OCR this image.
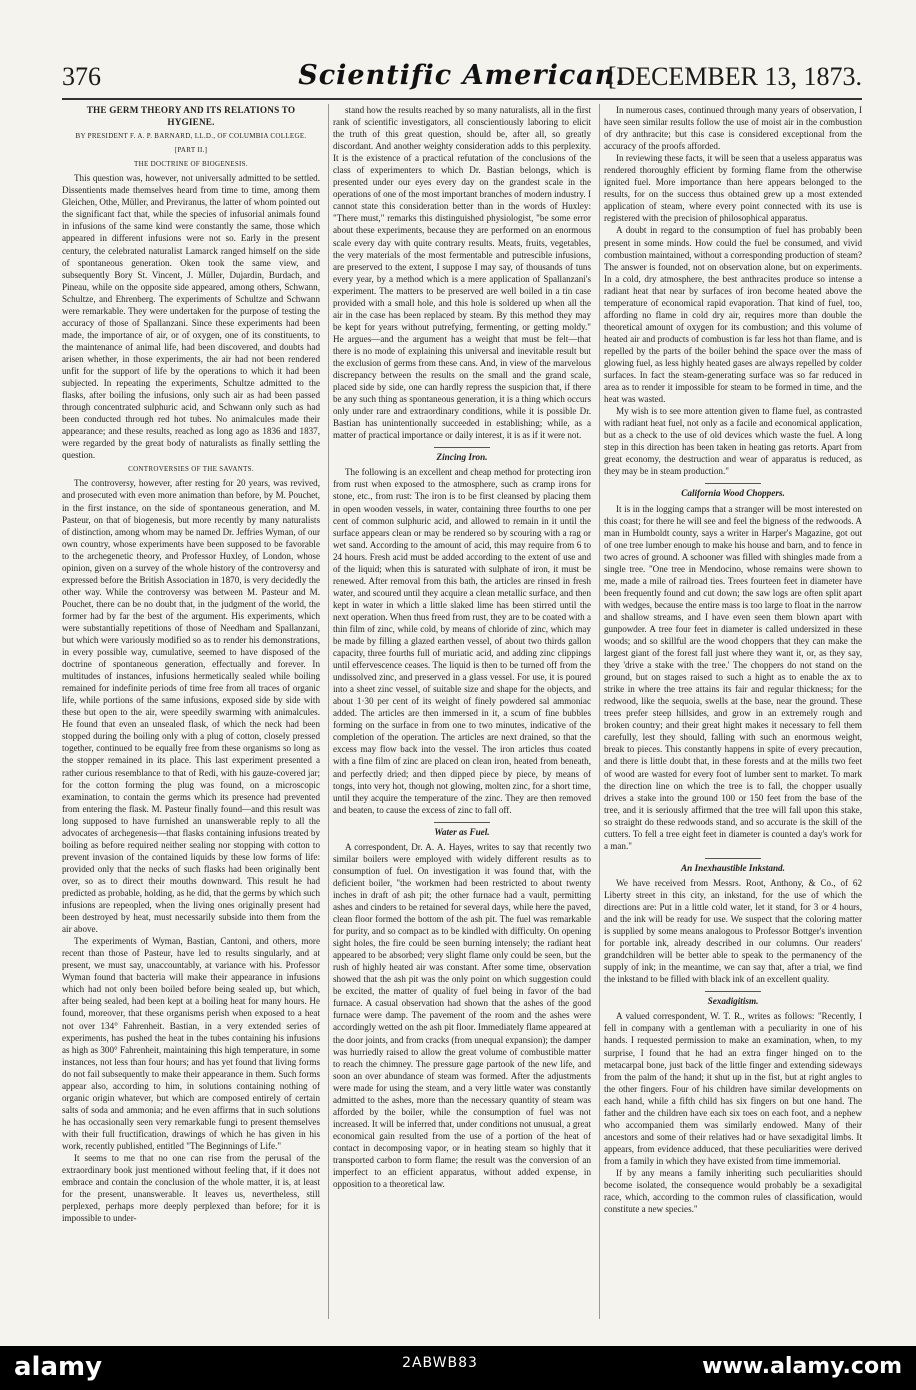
376	Scientific American.
[DECEMBER 13, 1873.
THE GERM THEORY AND ITS RELATIONS TO HYGIENE.
BY PRESIDENT F. A. P. BARNARD, LL.D., OF COLUMBIA COLLEGE.
[PART II.]
THE DOCTRINE OF BIOGENESIS.

This question was, however, not universally admitted to be settled. Dissentients made themselves heard from time to time, among them Gleichen, Othe, Müller, and Previranus, the latter of whom pointed out the significant fact that, while the species of infusorial animals found in infusions of the same kind were constantly the same, those which appeared in different infusions were not so. Early in the present century, the celebrated naturalist Lamarck ranged himself on the side of spontaneous generation. Oken took the same view, and subsequently Bory St. Vincent, J. Müller, Dujardin, Burdach, and Pineau, while on the opposite side appeared, among others, Schwann, Schultze, and Ehrenberg. The experiments of Schultze and Schwann were remarkable. They were undertaken for the purpose of testing the accuracy of those of Spallanzani. Since these experiments had been made, the importance of air, or of oxygen, one of its constituents, to the maintenance of animal life, had been discovered, and doubts had arisen whether, in those experiments, the air had not been rendered unfit for the support of life by the operations to which it had been subjected. In repeating the experiments, Schultze admitted to the flasks, after boiling the infusions, only such air as had been passed through concentrated sulphuric acid, and Schwann only such as had been conducted through red hot tubes. No animalcules made their appearance; and these results, reached as long ago as 1836 and 1837, were regarded by the great body of naturalists as finally settling the question.

CONTROVERSIES OF THE SAVANTS.

The controversy, however, after resting for 20 years, was revived, and prosecuted with even more animation than before, by M. Pouchet, in the first instance, on the side of spontaneous generation, and M. Pasteur, on that of biogenesis, but more recently by many naturalists of distinction, among whom may be named Dr. Jeffries Wyman, of our own country, whose experiments have been supposed to be favorable to the archegenetic theory, and Professor Huxley, of London, whose opinion, given on a survey of the whole history of the controversy and expressed before the British Association in 1870, is very decidedly the other way. While the controversy was between M. Pasteur and M. Pouchet, there can be no doubt that, in the judgment of the world, the former had by far the best of the argument. His experiments, which were substantially repetitions of those of Needham and Spallanzani, but which were variously modified so as to render his demonstrations, in every possible way, cumulative, seemed to have disposed of the doctrine of spontaneous generation, effectually and forever. In multitudes of instances, infusions hermetically sealed while boiling remained for indefinite periods of time free from all traces of organic life, while portions of the same infusions, exposed side by side with these but open to the air, were speedily swarming with animalcules. He found that even an unsealed flask, of which the neck had been stopped during the boiling only with a plug of cotton, closely pressed together, continued to be equally free from these organisms so long as the stopper remained in its place. This last experiment presented a rather curious resemblance to that of Redi, with his gauze-covered jar; for the cotton forming the plug was found, on a microscopic examination, to contain the germs which its presence had prevented from entering the flask. M. Pasteur finally found—and this result was long supposed to have furnished an unanswerable reply to all the advocates of archegenesis—that flasks containing infusions treated by boiling as before required neither sealing nor stopping with cotton to prevent invasion of the contained liquids by these low forms of life: provided only that the necks of such flasks had been originally bent over, so as to direct their mouths downward. This result he had predicted as probable, holding, as he did, that the germs by which such infusions are repeopled, when the living ones originally present had been destroyed by heat, must necessarily subside into them from the air above.

The experiments of Wyman, Bastian, Cantoni, and others, more recent than those of Pasteur, have led to results singularly, and at present, we must say, unaccountably, at variance with his. Professor Wyman found that bacteria will make their appearance in infusions which had not only been boiled before being sealed up, but which, after being sealed, had been kept at a boiling heat for many hours. He found, moreover, that these organisms perish when exposed to a heat not over 134° Fahrenheit. Bastian, in a very extended series of experiments, has pushed the heat in the tubes containing his infusions as high as 300° Fahrenheit, maintaining this high temperature, in some instances, not less than four hours; and has yet found that living forms do not fail subsequently to make their appearance in them. Such forms appear also, according to him, in solutions containing nothing of organic origin whatever, but which are composed entirely of certain salts of soda and ammonia; and he even affirms that in such solutions he has occasionally seen very remarkable fungi to present themselves with their full fructification, drawings of which he has given in his work, recently published, entitled "The Beginnings of Life."

It seems to me that no one can rise from the perusal of the extraordinary book just mentioned without feeling that, if it does not embrace and contain the conclusion of the whole matter, it is, at least for the present, unanswerable. It leaves us, nevertheless, still perplexed, perhaps more deeply perplexed than before; for it is impossible to under-

stand how the results reached by so many naturalists, all in the first rank of scientific investigators, all conscientiously laboring to elicit the truth of this great question, should be, after all, so greatly discordant. And another weighty consideration adds to this perplexity. It is the existence of a practical refutation of the conclusions of the class of experimenters to which Dr. Bastian belongs, which is presented under our eyes every day on the grandest scale in the operations of one of the most important branches of modern industry. I cannot state this consideration better than in the words of Huxley: "There must," remarks this distinguished physiologist, "be some error about these experiments, because they are performed on an enormous scale every day with quite contrary results. Meats, fruits, vegetables, the very materials of the most fermentable and putrescible infusions, are preserved to the extent, I suppose I may say, of thousands of tuns every year, by a method which is a mere application of Spallanzani's experiment. The matters to be preserved are well boiled in a tin case provided with a small hole, and this hole is soldered up when all the air in the case has been replaced by steam. By this method they may be kept for years without putrefying, fermenting, or getting moldy." He argues—and the argument has a weight that must be felt—that there is no mode of explaining this universal and inevitable result but the exclusion of germs from these cans. And, in view of the marvelous discrepancy between the results on the small and the grand scale, placed side by side, one can hardly repress the suspicion that, if there be any such thing as spontaneous generation, it is a thing which occurs only under rare and extraordinary conditions, while it is possible Dr. Bastian has unintentionally succeeded in establishing; while, as a matter of practical importance or daily interest, it is as if it were not.

Zincing Iron.

The following is an excellent and cheap method for protecting iron from rust when exposed to the atmosphere, such as cramp irons for stone, etc., from rust: The iron is to be first cleansed by placing them in open wooden vessels, in water, containing three fourths to one per cent of common sulphuric acid, and allowed to remain in it until the surface appears clean or may be rendered so by scouring with a rag or wet sand. According to the amount of acid, this may require from 6 to 24 hours. Fresh acid must be added according to the extent of use and of the liquid; when this is saturated with sulphate of iron, it must be renewed. After removal from this bath, the articles are rinsed in fresh water, and scoured until they acquire a clean metallic surface, and then kept in water in which a little slaked lime has been stirred until the next operation. When thus freed from rust, they are to be coated with a thin film of zinc, while cold, by means of chloride of zinc, which may be made by filling a glazed earthen vessel, of about two thirds gallon capacity, three fourths full of muriatic acid, and adding zinc clippings until effervescence ceases. The liquid is then to be turned off from the undissolved zinc, and preserved in a glass vessel. For use, it is poured into a sheet zinc vessel, of suitable size and shape for the objects, and about 1·30 per cent of its weight of finely powdered sal ammoniac added. The articles are then immersed in it, a scum of fine bubbles forming on the surface in from one to two minutes, indicative of the completion of the operation. The articles are next drained, so that the excess may flow back into the vessel. The iron articles thus coated with a fine film of zinc are placed on clean iron, heated from beneath, and perfectly dried; and then dipped piece by piece, by means of tongs, into very hot, though not glowing, molten zinc, for a short time, until they acquire the temperature of the zinc. They are then removed and beaten, to cause the excess of zinc to fall off.

Water as Fuel.

A correspondent, Dr. A. A. Hayes, writes to say that recently two similar boilers were employed with widely different results as to consumption of fuel. On investigation it was found that, with the deficient boiler, "the workmen had been restricted to about twenty inches in draft of ash pit; the other furnace had a vault, permitting ashes and cinders to be retained for several days, while here the paved, clean floor formed the bottom of the ash pit. The fuel was remarkable for purity, and so compact as to be kindled with difficulty. On opening sight holes, the fire could be seen burning intensely; the radiant heat appeared to be absorbed; very slight flame only could be seen, but the rush of highly heated air was constant. After some time, observation showed that the ash pit was the only point on which suggestion could be excited, the matter of quality of fuel being in favor of the bad furnace. A casual observation had shown that the ashes of the good furnace were damp. The pavement of the room and the ashes were accordingly wetted on the ash pit floor. Immediately flame appeared at the door joints, and from cracks (from unequal expansion); the damper was hurriedly raised to allow the great volume of combustible matter to reach the chimney. The pressure gage partook of the new life, and soon an over abundance of steam was formed. After the adjustments were made for using the steam, and a very little water was constantly admitted to the ashes, more than the necessary quantity of steam was afforded by the boiler, while the consumption of fuel was not increased. It will be inferred that, under conditions not unusual, a great economical gain resulted from the use of a portion of the heat of contact in decomposing vapor, or in heating steam so highly that it transported carbon to form flame; the result was the conversion of an imperfect to an efficient apparatus, without added expense, in opposition to a theoretical law.

In numerous cases, continued through many years of observation, I have seen similar results follow the use of moist air in the combustion of dry anthracite; but this case is considered exceptional from the accuracy of the proofs afforded.

In reviewing these facts, it will be seen that a useless apparatus was rendered thoroughly efficient by forming flame from the otherwise ignited fuel. More importance than here appears belonged to the results, for on the success thus obtained grew up a most extended application of steam, where every point connected with its use is registered with the precision of philosophical apparatus.

A doubt in regard to the consumption of fuel has probably been present in some minds. How could the fuel be consumed, and vivid combustion maintained, without a corresponding production of steam? The answer is founded, not on observation alone, but on experiments. In a cold, dry atmosphere, the best anthracites produce so intense a radiant heat that near by surfaces of iron become heated above the temperature of economical rapid evaporation. That kind of fuel, too, affording no flame in cold dry air, requires more than double the theoretical amount of oxygen for its combustion; and this volume of heated air and products of combustion is far less hot than flame, and is repelled by the parts of the boiler behind the space over the mass of glowing fuel, as less highly heated gases are always repelled by colder surfaces. In fact the steam-generating surface was so far reduced in area as to render it impossible for steam to be formed in time, and the heat was wasted.

My wish is to see more attention given to flame fuel, as contrasted with radiant heat fuel, not only as a facile and economical application, but as a check to the use of old devices which waste the fuel. A long step in this direction has been taken in heating gas retorts. Apart from great economy, the destruction and wear of apparatus is reduced, as they may be in steam production."

California Wood Choppers.

It is in the logging camps that a stranger will be most interested on this coast; for there he will see and feel the bigness of the redwoods. A man in Humboldt county, says a writer in Harper's Magazine, got out of one tree lumber enough to make his house and barn, and to fence in two acres of ground. A schooner was filled with shingles made from a single tree. "One tree in Mendocino, whose remains were shown to me, made a mile of railroad ties. Trees fourteen feet in diameter have been frequently found and cut down; the saw logs are often split apart with wedges, because the entire mass is too large to float in the narrow and shallow streams, and I have even seen them blown apart with gunpowder. A tree four feet in diameter is called undersized in these woods; and so skillful are the wood choppers that they can make the largest giant of the forest fall just where they want it, or, as they say, they 'drive a stake with the tree.' The choppers do not stand on the ground, but on stages raised to such a hight as to enable the ax to strike in where the tree attains its fair and regular thickness; for the redwood, like the sequoia, swells at the base, near the ground. These trees prefer steep hillsides, and grow in an extremely rough and broken country; and their great hight makes it necessary to fell them carefully, lest they should, falling with such an enormous weight, break to pieces. This constantly happens in spite of every precaution, and there is little doubt that, in these forests and at the mills two feet of wood are wasted for every foot of lumber sent to market. To mark the direction line on which the tree is to fall, the chopper usually drives a stake into the ground 100 or 150 feet from the base of the tree, and it is seriously affirmed that the tree will fall upon this stake, so straight do these redwoods stand, and so accurate is the skill of the cutters. To fell a tree eight feet in diameter is counted a day's work for a man."

An Inexhaustible Inkstand.

We have received from Messrs. Root, Anthony, & Co., of 62 Liberty street in this city, an inkstand, for the use of which the directions are: Put in a little cold water, let it stand, for 3 or 4 hours, and the ink will be ready for use. We suspect that the coloring matter is supplied by some means analogous to Professor Bottger's invention for portable ink, already described in our columns. Our readers' grandchildren will be better able to speak to the permanency of the supply of ink; in the meantime, we can say that, after a trial, we find the inkstand to be filled with black ink of an excellent quality.

Sexadigitism.

A valued correspondent, W. T. R., writes as follows: "Recently, I fell in company with a gentleman with a peculiarity in one of his hands. I requested permission to make an examination, when, to my surprise, I found that he had an extra finger hinged on to the metacarpal bone, just back of the little finger and extending sideways from the palm of the hand; it shut up in the fist, but at right angles to the other fingers. Four of his children have similar developments on each hand, while a fifth child has six fingers on but one hand. The father and the children have each six toes on each foot, and a nephew who accompanied them was similarly endowed. Many of their ancestors and some of their relatives had or have sexadigital limbs. It appears, from evidence adduced, that these peculiarities were derived from a family in which they have existed from time immemorial.

If by any means a family inheriting such peculiarities should become isolated, the consequence would probably be a sexadigital race, which, according to the common rules of classification, would constitute a new species."

alamy	2ABWB83	www.alamy.com
